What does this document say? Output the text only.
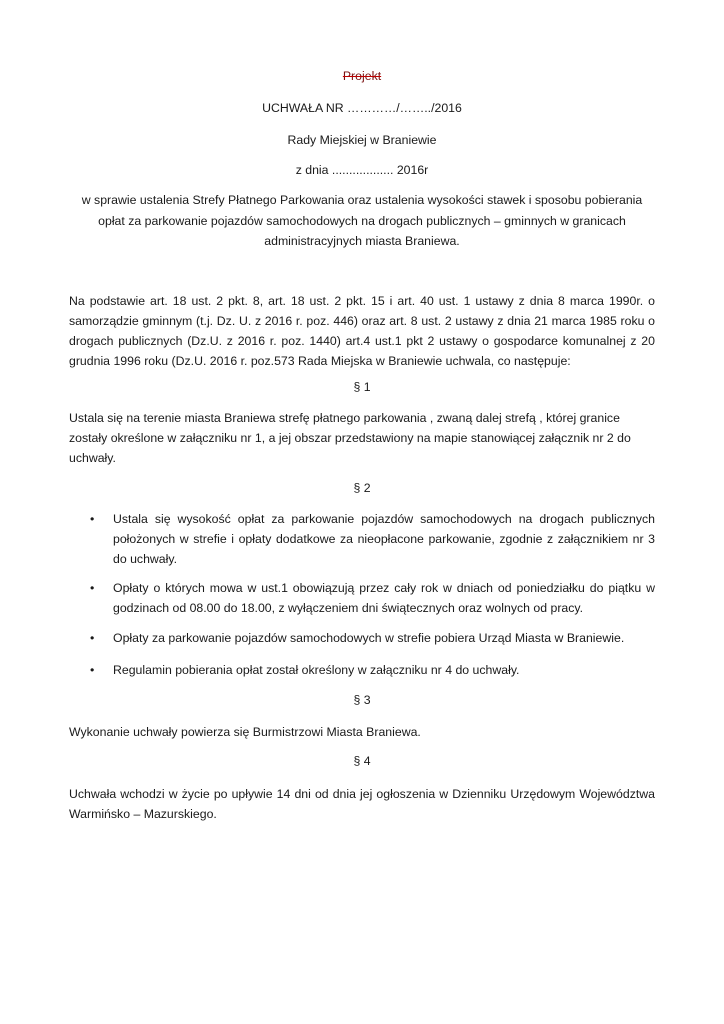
Projekt

UCHWAŁA NR …………/……../2016

Rady Miejskiej w Braniewie

z dnia .................. 2016r

w sprawie ustalenia Strefy Płatnego Parkowania oraz ustalenia wysokości stawek i sposobu pobierania opłat za parkowanie pojazdów samochodowych na drogach publicznych – gminnych w granicach administracyjnych miasta Braniewa.

Na podstawie art. 18 ust. 2 pkt. 8, art. 18 ust. 2 pkt. 15 i art. 40 ust. 1 ustawy z dnia 8 marca 1990r. o samorządzie gminnym (t.j. Dz. U. z 2016 r. poz. 446) oraz art. 8 ust. 2 ustawy z dnia 21 marca 1985 roku o drogach publicznych (Dz.U. z 2016 r. poz. 1440) art.4 ust.1 pkt 2 ustawy o gospodarce komunalnej z 20 grudnia 1996 roku (Dz.U. 2016 r. poz.573 Rada Miejska w Braniewie uchwala, co następuje:

§ 1

Ustala się na terenie miasta Braniewa strefę płatnego parkowania , zwaną dalej strefą , której granice zostały określone w załączniku nr 1, a jej obszar przedstawiony na mapie stanowiącej załącznik nr 2 do uchwały.

§ 2

• Ustala się wysokość opłat za parkowanie pojazdów samochodowych na drogach publicznych położonych w strefie i opłaty dodatkowe za nieopłacone parkowanie, zgodnie z załącznikiem nr 3 do uchwały.
• Opłaty o których mowa w ust.1 obowiązują przez cały rok w dniach od poniedziałku do piątku w godzinach od 08.00 do 18.00, z wyłączeniem dni świątecznych oraz wolnych od pracy.
• Opłaty za parkowanie pojazdów samochodowych w strefie pobiera Urząd Miasta w Braniewie.
• Regulamin pobierania opłat został określony w załączniku nr 4 do uchwały.

§ 3

Wykonanie uchwały powierza się Burmistrzowi Miasta Braniewa.

§ 4

Uchwała wchodzi w życie po upływie 14 dni od dnia jej ogłoszenia w Dzienniku Urzędowym Województwa Warmińsko – Mazurskiego.
